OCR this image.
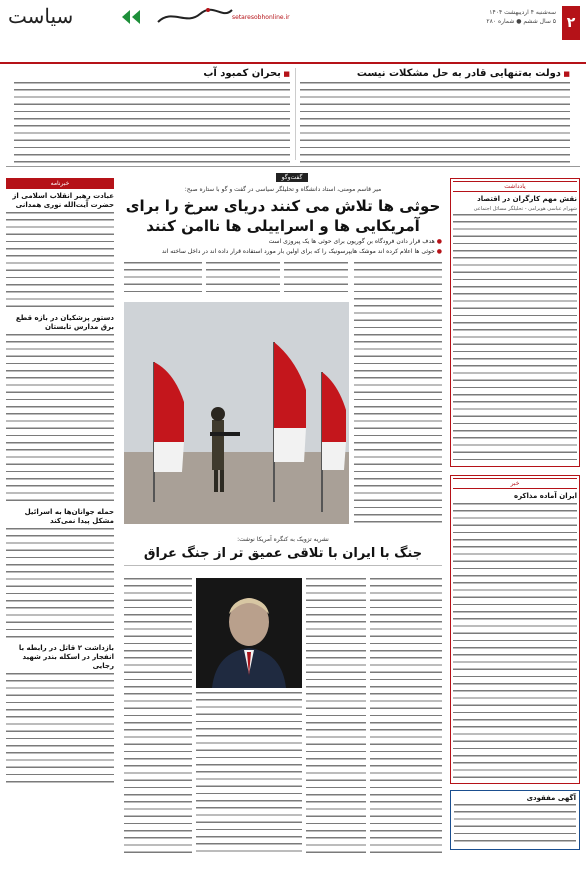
۲
سه‌شنبه ۴ اردیبهشت ۱۴۰۴
۵ سال ششم ● شماره ۲۸۰
setaresobhonline.ir
سیاست
■ دولت به‌تنهایی قادر به حل مشکلات نیست
■ بحران کمبود آب
یادداشت
نقش مهم کارگران در اقتصاد
شهرام عباسی هویرامی - تحلیلگر مسائل اجتماعی
خبر
ایران آماده مذاکره
خبرنامه
عبادت رهبر انقلاب اسلامی از حضرت آیت‌الله نوری همدانی
دستور پزشکیان در بازه قطع برق مدارس تابستان
حمله جوانان‌ها به اسرائیل مشکل پیدا نمی‌کند
بازداشت ۲ قاتل در رابطه با انفجار در اسکله بندر شهید رجایی
گفت‌وگو
میر قاسم مومنی، استاد دانشگاه و تحلیلگر سیاسی در گفت و گو با ستاره صبح:
حوثی ها تلاش می کنند دریای سرخ را برای آمریکایی ها و اسراییلی ها ناامن کنند
● هدف قرار دادن فرودگاه بن گوریون برای حوثی ها یک پیروزی است
● حوثی ها اعلام کرده اند موشک هایپرسونیک را که برای اولین بار مورد استفاده قرار داده اند در داخل ساخته اند
نشریه تزویک به کنگره آمریکا نوشت:
جنگ با ایران با تلاقی عمیق تر از جنگ عراق
آگهی مفقودی
